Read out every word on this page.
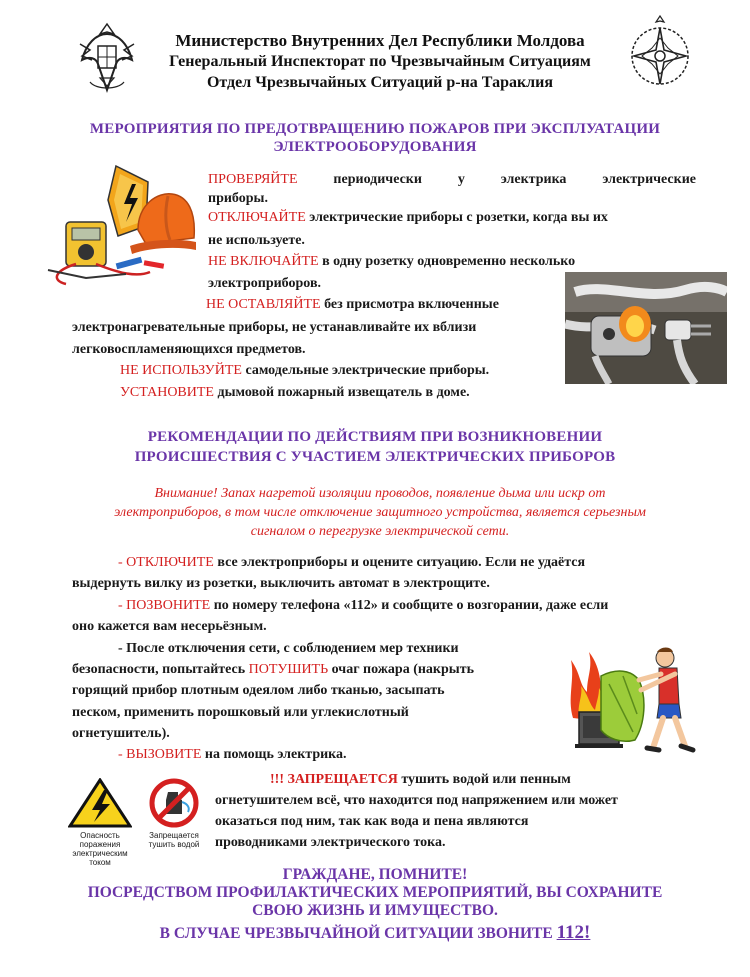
Министерство Внутренних Дел Республики Молдова
Генеральный Инспекторат по Чрезвычайным Ситуациям
Отдел Чрезвычайных Ситуаций р-на Тараклия
МЕРОПРИЯТИЯ ПО ПРЕДОТВРАЩЕНИЮ ПОЖАРОВ ПРИ ЭКСПЛУАТАЦИИ
ЭЛЕКТРООБОРУДОВАНИЯ
ПРОВЕРЯЙТЕ периодически у электрика электрические
приборы.
ОТКЛЮЧАЙТЕ электрические приборы с розетки, когда вы их
не используете.
НЕ ВКЛЮЧАЙТЕ в одну розетку одновременно несколько
электроприборов.
НЕ ОСТАВЛЯЙТЕ без присмотра включенные
электронагревательные приборы, не устанавливайте их вблизи
легковоспламеняющихся предметов.
НЕ ИСПОЛЬЗУЙТЕ самодельные электрические приборы.
УСТАНОВИТЕ дымовой пожарный извещатель в доме.
РЕКОМЕНДАЦИИ ПО ДЕЙСТВИЯМ ПРИ ВОЗНИКНОВЕНИИ
ПРОИСШЕСТВИЯ С УЧАСТИЕМ ЭЛЕКТРИЧЕСКИХ ПРИБОРОВ
Внимание! Запах нагретой изоляции проводов, появление дыма или искр от
электроприборов, в том числе отключение защитного устройства, является серьезным
сигналом о перегрузке электрической сети.
- ОТКЛЮЧИТЕ все электроприборы и оцените ситуацию. Если не удаётся
выдернуть вилку из розетки, выключить автомат в электрощите.
- ПОЗВОНИТЕ по номеру телефона «112» и сообщите о возгорании, даже если
оно кажется вам несерьёзным.
- После отключения сети, с соблюдением мер техники
безопасности, попытайтесь ПОТУШИТЬ очаг пожара (накрыть
горящий прибор плотным одеялом либо тканью, засыпать
песком, применить порошковый или углекислотный
огнетушитель).
- ВЫЗОВИТЕ на помощь электрика.
Опасность
поражения
электрическим
током
Запрещается
тушить водой
!!! ЗАПРЕЩАЕТСЯ тушить водой или пенным
огнетушителем всё, что находится под напряжением или может
оказаться под ним, так как вода и пена являются
проводниками электрического тока.
ГРАЖДАНЕ, ПОМНИТЕ!
ПОСРЕДСТВОМ ПРОФИЛАКТИЧЕСКИХ МЕРОПРИЯТИЙ, ВЫ СОХРАНИТЕ
СВОЮ ЖИЗНЬ И ИМУЩЕСТВО.
В СЛУЧАЕ ЧРЕЗВЫЧАЙНОЙ СИТУАЦИИ ЗВОНИТЕ 112!
